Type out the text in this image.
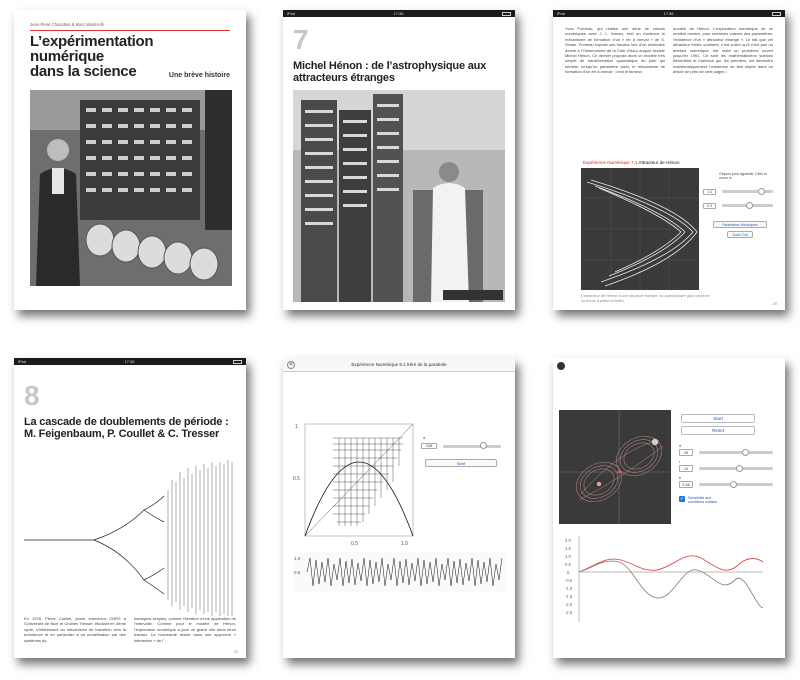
Jean-René Chazottes & Marc Monticelli
L’expérimentation numérique
dans la science	Une brève histoire
iPad	17:36
7
Michel Hénon : de l’astrophysique aux attracteurs étranges
iPad	17:36
Yves Pomeau, qui réalise une série de calculs numériques avec J. L. Ibanez, met en évidence le mécanisme de formation d’un « fer à cheval » de S. Smale. Pomeau expose ses travaux lors d’un séminaire donné à l’Observatoire de la Côte d’Azur auquel assiste Michel Hénon. Ce dernier propose alors un modèle très simple de transformation quadratique du plan qui semble, lorsqu’un paramètre varie, le mécanisme de formation d’un fer à cheval : c’est le fameux
modèle de Hénon. L’exploration numérique de ce modèle montre, pour certaines valeurs des paramètres, l’existence d’un « attracteur étrange ». Le fait que cet attracteur existe vraiment, c’est-à-dire qu’il n’est pas un artefact numérique, est resté un problème ouvert jusqu’en 1991. Ce sont les mathématiciens suédois Benedicks et Carleson qui, les premiers, ont démontré mathématiquement l’existence de tels objets dans un article de près de cent pages !
Expérience Numérique 7.1 Attracteur de Hénon
Cliquez pour agrandir. Click to zoom in
1.4
0.3
Paramètres Historiques
Zoom Out
L’attracteur de Hénon a une structure fractale, ou autosimilaire (qui conserve sa forme à petite échelle).	20
iPad	17:36
8
La cascade de doublements de période : M. Feigenbaum, P. Coullet & C. Tresser
En 1978, Pierre Coullet, jeune chercheur CNRS à l’Université de Nice et Charles Tresser, étudiant en 3ème cycle, s’intéressent au mécanisme de transition vers la turbulence et en particulier à sa modélisation par des systèmes dy-
namiques simples, comme l’itération d’une application de l’intervalle. Comme pour le modèle de Hénon, l’exploration numérique a joué un grand rôle dans leurs travaux. La nouveauté réside dans une approche « interactive » de l’
22
✕	Expérience Numérique 8.1 Itéré de la parabole
1
0.5
0.5	1.0
a
3,68
Start
1.0
0.5
Start
Reset
σ
28
r
10
b
2,66
✓ Sensibilité aux conditions initiales
2.0
1.5
1.0
0.5
0
-0.5
-1.0
-1.5
-2.0
-2.5
